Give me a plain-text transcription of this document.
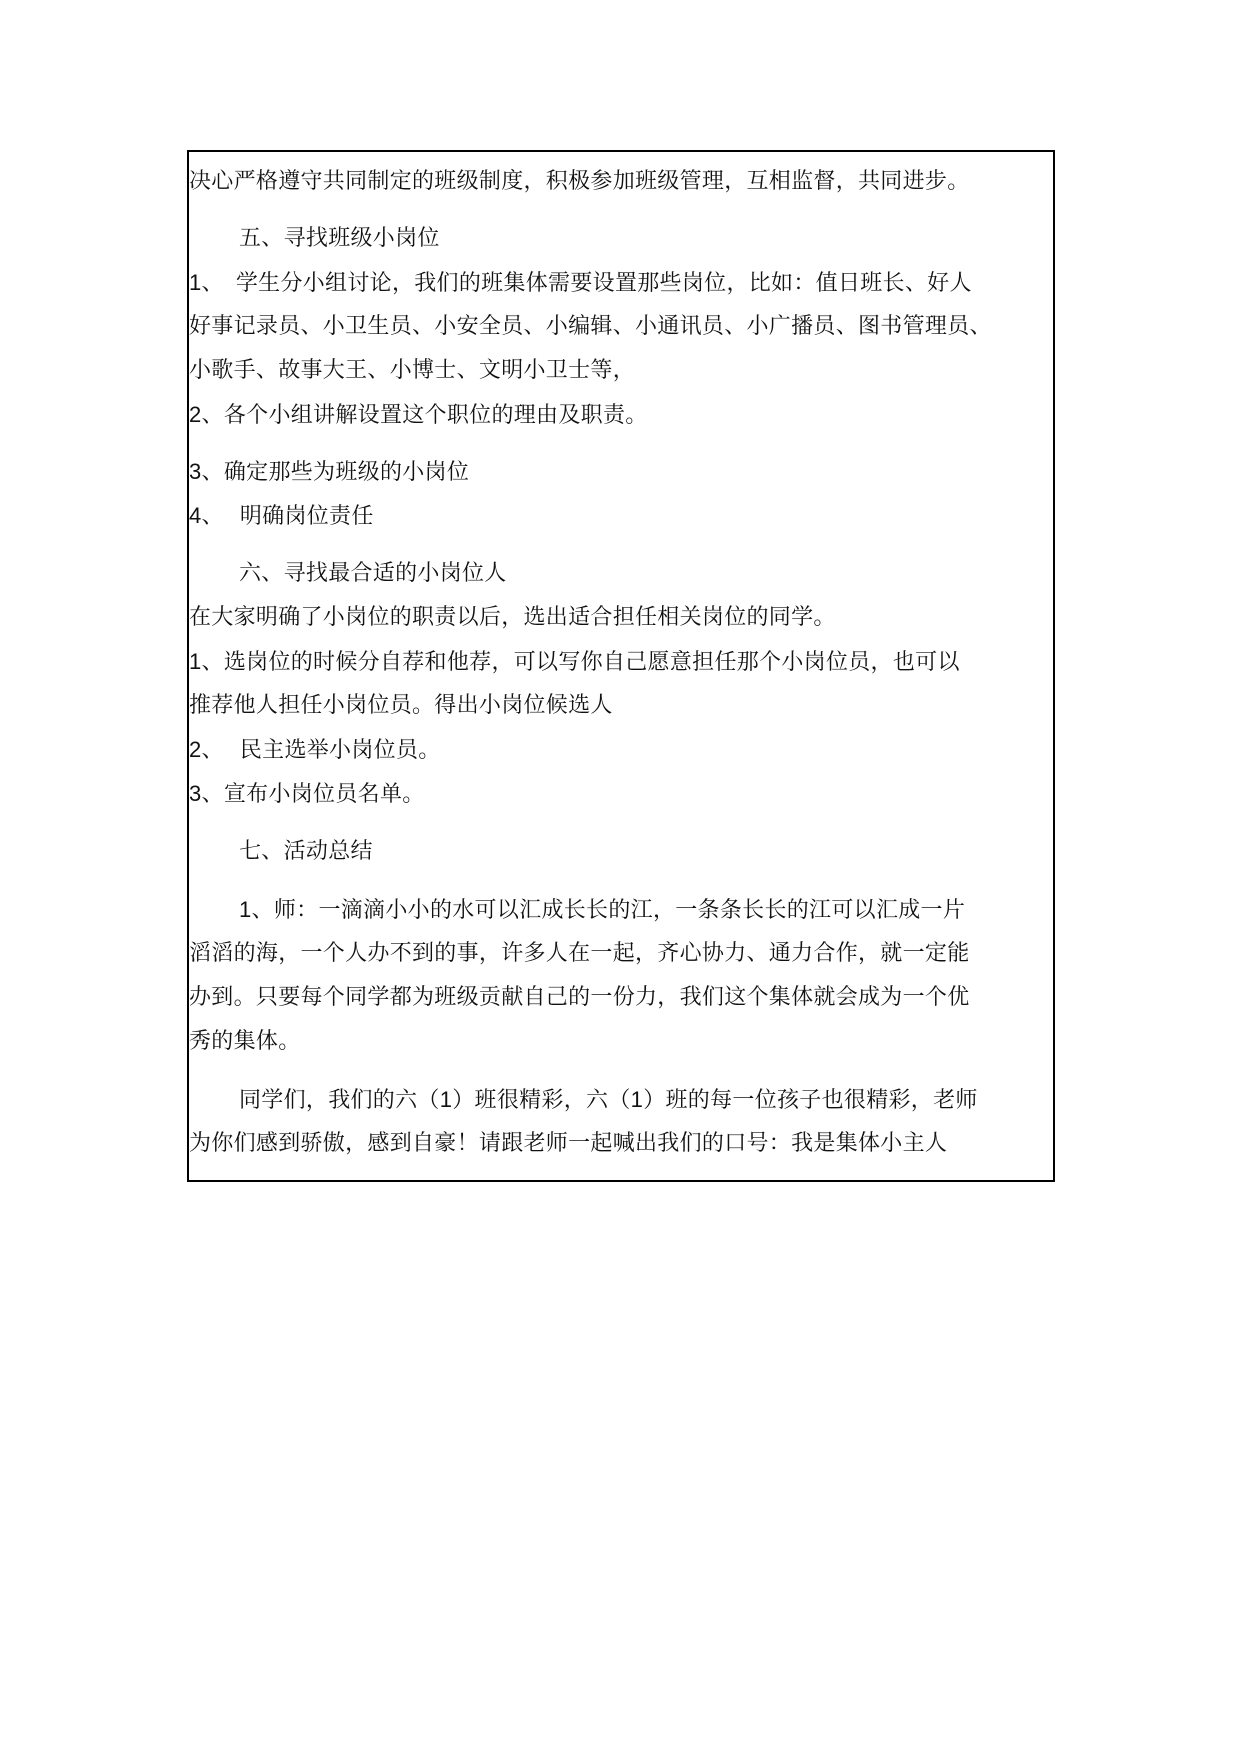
决心严格遵守共同制定的班级制度，积极参加班级管理，互相监督，共同进步。
五、寻找班级小岗位
1、 学生分小组讨论，我们的班集体需要设置那些岗位，比如：值日班长、好人
好事记录员、小卫生员、小安全员、小编辑、小通讯员、小广播员、图书管理员、
小歌手、故事大王、小博士、文明小卫士等，
2、各个小组讲解设置这个职位的理由及职责。
3、确定那些为班级的小岗位
4、 明确岗位责任
六、寻找最合适的小岗位人
在大家明确了小岗位的职责以后，选出适合担任相关岗位的同学。
1、选岗位的时候分自荐和他荐，可以写你自己愿意担任那个小岗位员，也可以
推荐他人担任小岗位员。得出小岗位候选人
2、 民主选举小岗位员。
3、宣布小岗位员名单。
七、活动总结
1、师：一滴滴小小的水可以汇成长长的江，一条条长长的江可以汇成一片
滔滔的海，一个人办不到的事，许多人在一起，齐心协力、通力合作，就一定能
办到。只要每个同学都为班级贡献自己的一份力，我们这个集体就会成为一个优
秀的集体。
同学们，我们的六（1）班很精彩，六（1）班的每一位孩子也很精彩，老师
为你们感到骄傲，感到自豪！请跟老师一起喊出我们的口号：我是集体小主人
